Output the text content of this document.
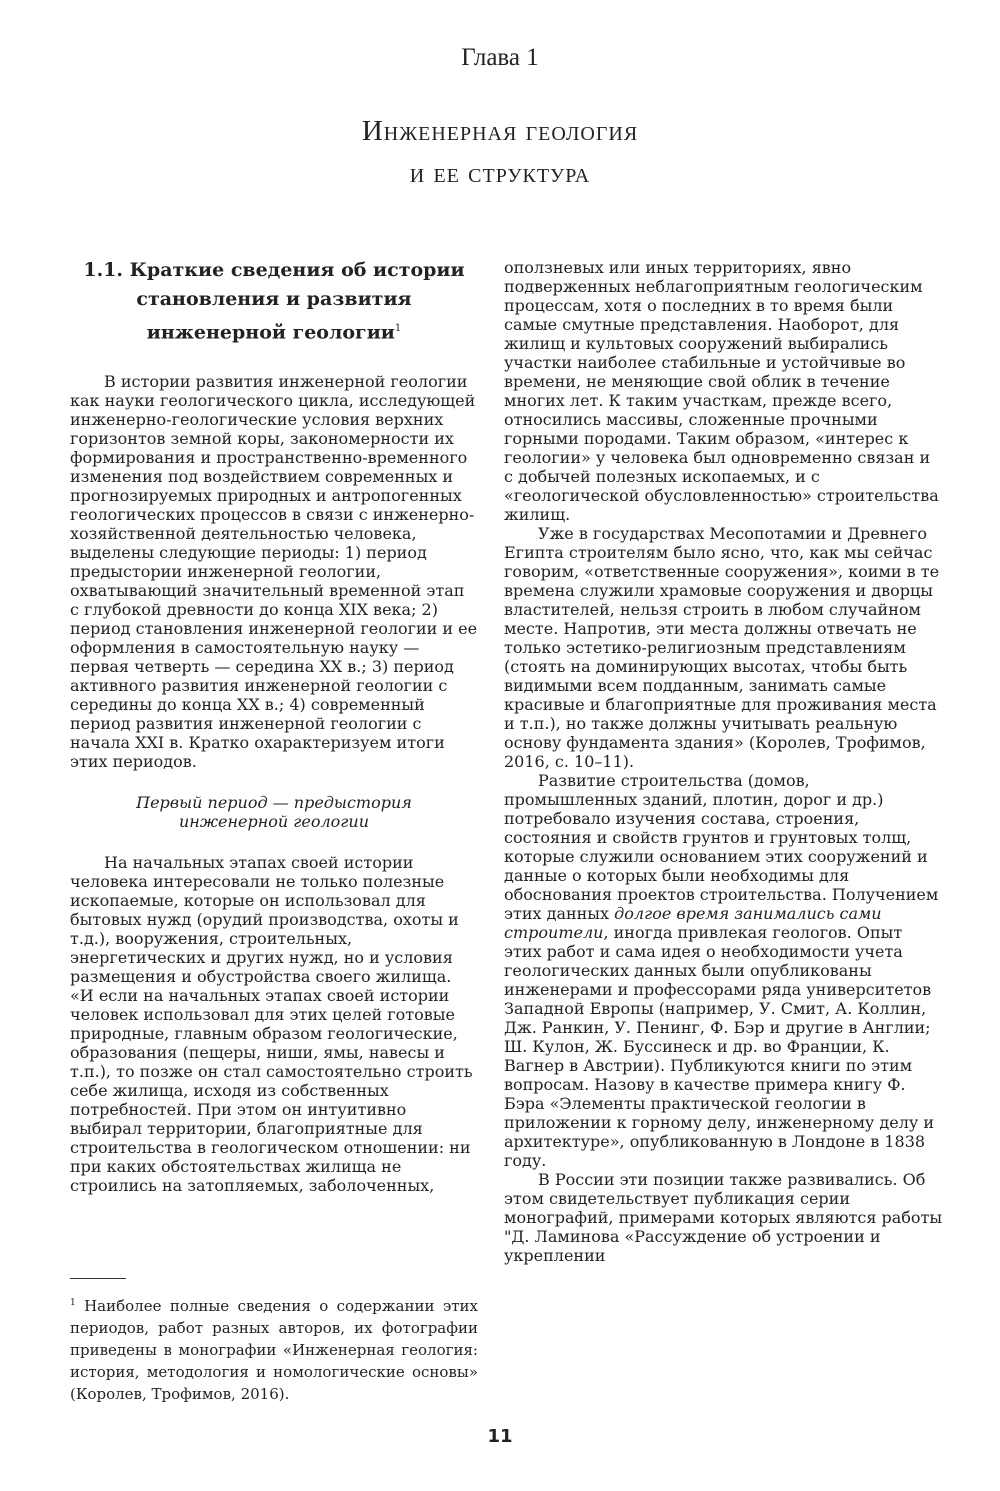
Глава 1
Инженерная геология
и ее структура
1.1. Краткие сведения об истории
становления и развития
инженерной геологии$^1$

В истории развития инженерной геологии как науки геологического цикла, исследующей инженерно-геологические условия верхних горизонтов земной коры, закономерности их формирования и пространственно-временного изменения под воздействием современных и прогнозируемых природных и антропогенных геологических процессов в связи с инженерно-хозяйственной деятельностью человека, выделены следующие периоды: 1) период предыстории инженерной геологии, охватывающий значительный временной этап с глубокой древности до конца XIX века; 2) период становления инженерной геологии и ее оформления в самостоятельную науку — первая четверть — середина XX в.; 3) период активного развития инженерной геологии с середины до конца XX в.; 4) современный период развития инженерной геологии с начала XXI в. Кратко охарактеризуем итоги этих периодов.

Первый период — предыстория
инженерной геологии

На начальных этапах своей истории человека интересовали не только полезные ископаемые, которые он использовал для бытовых нужд (орудий производства, охоты и т.д.), вооружения, строительных, энергетических и других нужд, но и условия размещения и обустройства своего жилища. «И если на начальных этапах своей истории человек использовал для этих целей готовые природные, главным образом геологические, образования (пещеры, ниши, ямы, навесы и т.п.), то позже он стал самостоятельно строить себе жилища, исходя из собственных потребностей. При этом он интуитивно выбирал территории, благоприятные для строительства в геологическом отношении: ни при каких обстоятельствах жилища не строились на затопляемых, заболоченных,

$^1$ Наиболее полные сведения о содержании этих периодов, работ разных авторов, их фотографии приведены в монографии «Инженерная геология: история, методология и номологические основы» (Королев, Трофимов, 2016).

оползневых или иных территориях, явно подверженных неблагоприятным геологическим процессам, хотя о последних в то время были самые смутные представления. Наоборот, для жилищ и культовых сооружений выбирались участки наиболее стабильные и устойчивые во времени, не меняющие свой облик в течение многих лет. К таким участкам, прежде всего, относились массивы, сложенные прочными горными породами. Таким образом, «интерес к геологии» у человека был одновременно связан и с добычей полезных ископаемых, и с «геологической обусловленностью» строительства жилищ.

Уже в государствах Месопотамии и Древнего Египта строителям было ясно, что, как мы сейчас говорим, «ответственные сооружения», коими в те времена служили храмовые сооружения и дворцы властителей, нельзя строить в любом случайном месте. Напротив, эти места должны отвечать не только эстетико-религиозным представлениям (стоять на доминирующих высотах, чтобы быть видимыми всем подданным, занимать самые красивые и благоприятные для проживания места и т.п.), но также должны учитывать реальную основу фундамента здания» (Королев, Трофимов, 2016, с. 10–11).

Развитие строительства (домов, промышленных зданий, плотин, дорог и др.) потребовало изучения состава, строения, состояния и свойств грунтов и грунтовых толщ, которые служили основанием этих сооружений и данные о которых были необходимы для обоснования проектов строительства. Получением этих данных долгое время занимались сами строители, иногда привлекая геологов. Опыт этих работ и сама идея о необходимости учета геологических данных были опубликованы инженерами и профессорами ряда университетов Западной Европы (например, У. Смит, А. Коллин, Дж. Ранкин, У. Пенинг, Ф. Бэр и другие в Англии; Ш. Кулон, Ж. Буссинеск и др. во Франции, К. Вагнер в Австрии). Публикуются книги по этим вопросам. Назову в качестве примера книгу Ф. Бэра «Элементы практической геологии в приложении к горному делу, инженерному делу и архитектуре», опубликованную в Лондоне в 1838 году.

В России эти позиции также развивались. Об этом свидетельствует публикация серии монографий, примерами которых являются работы "Д. Ламинова «Рассуждение об устроении и укреплении

11
